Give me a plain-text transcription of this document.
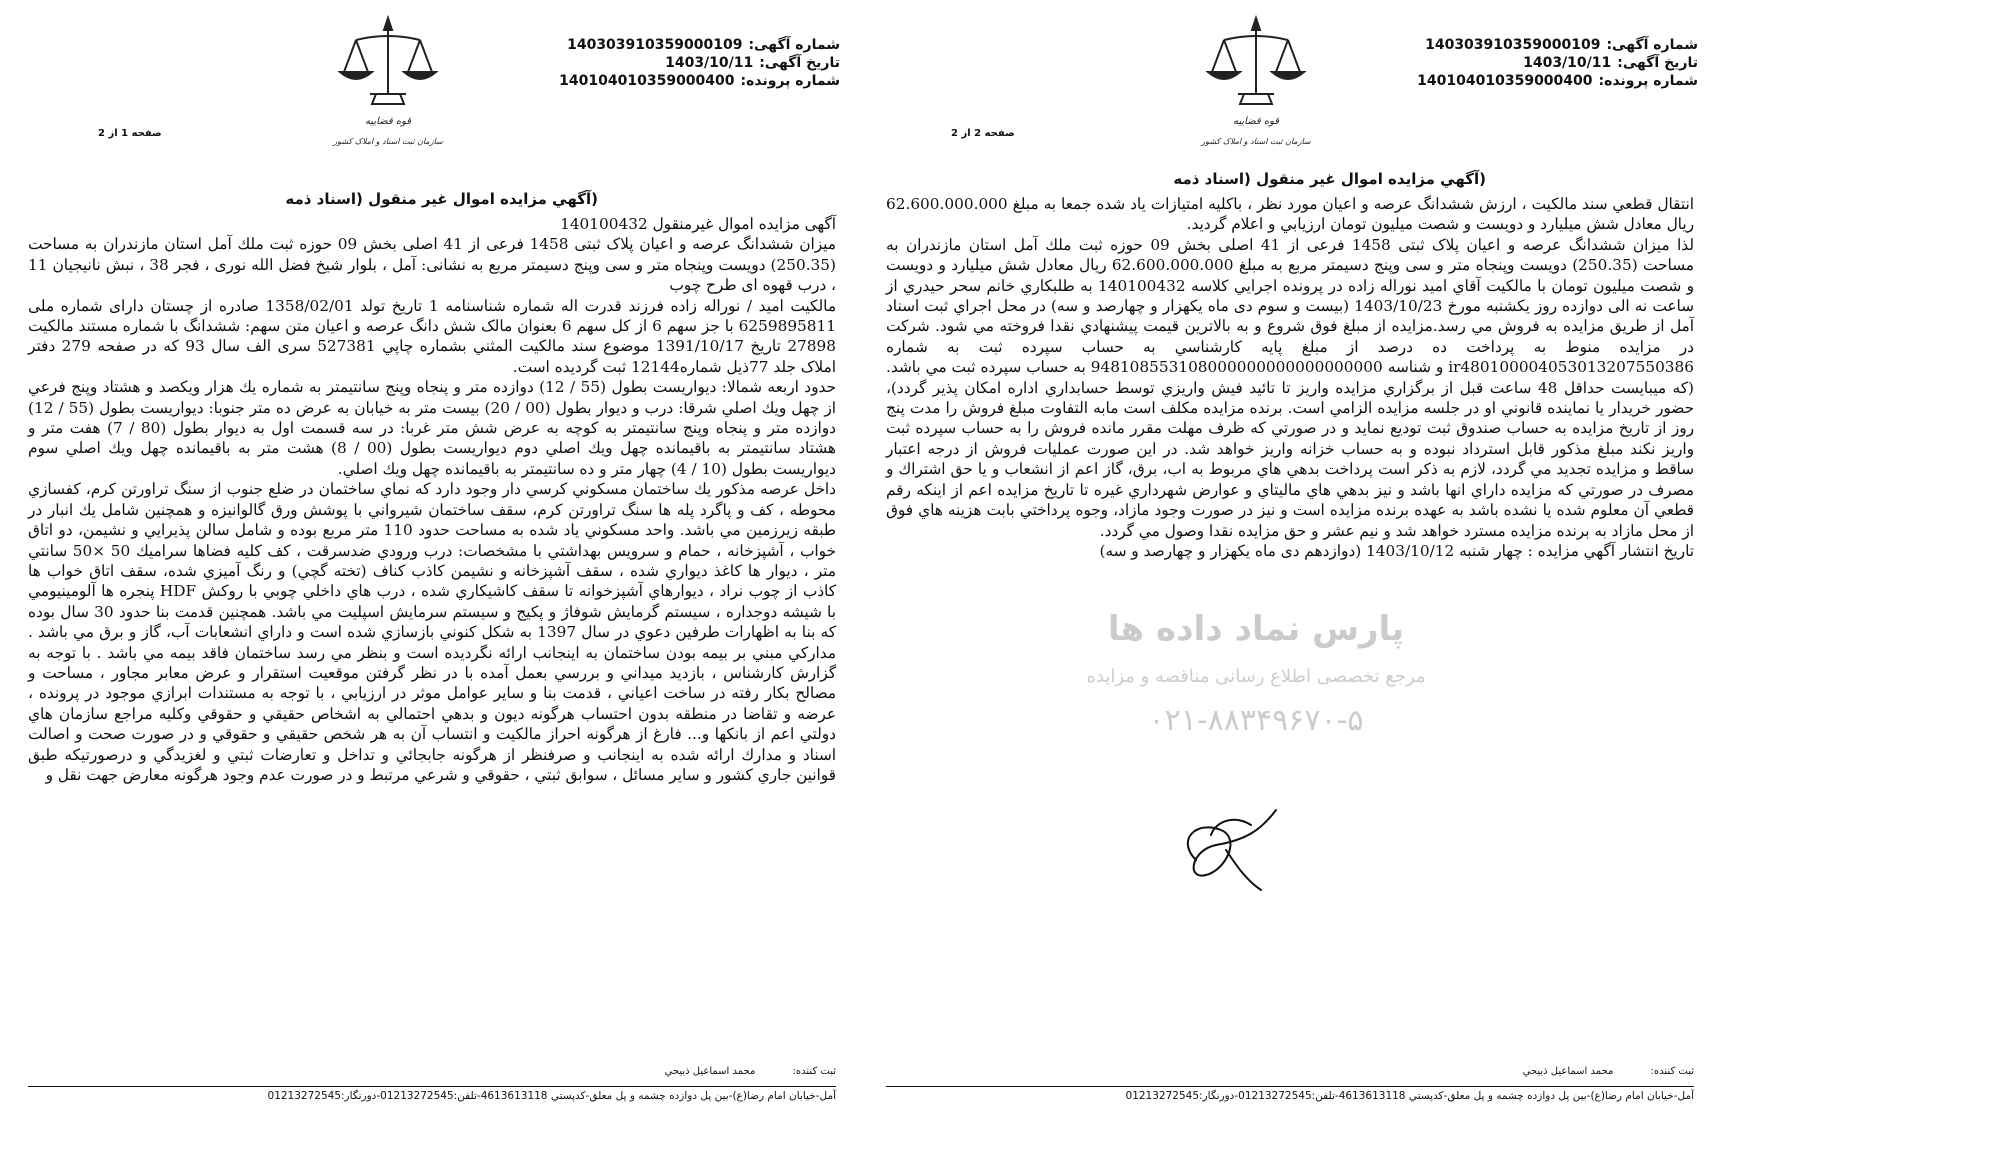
شماره آگهی:
140303910359000109
تاریخ آگهی:
1403/10/11
شماره پرونده:
140104010359000400
قوه قضاییه
سازمان ثبت اسناد و املاک کشور
صفحه 1 از 2
(آگهي مزايده اموال غير منقول (اسناد ذمه

آگهی مزایده اموال غیرمنقول 140100432

میزان ششدانگ عرصه و اعیان پلاک ثبتی 1458 فرعی از 41 اصلی بخش 09 حوزه ثبت ملك آمل استان مازندران به مساحت (250.35) دویست وپنجاه متر و سی وپنج دسیمتر مربع به نشانی: آمل ، بلوار شیخ فضل الله نوری ، فجر 38 ، نبش نانیجیان 11 ، درب قهوه ای طرح چوب

مالکیت امید / نوراله زاده فرزند قدرت اله شماره شناسنامه 1 تاریخ تولد 1358/02/01 صادره از چستان دارای شماره ملی 6259895811 با جز سهم 6 از کل سهم 6 بعنوان مالک شش دانگ عرصه و اعیان متن سهم: ششدانگ با شماره مستند مالکیت 27898 تاریخ 1391/10/17 موضوع سند مالکیت المثني بشماره چاپي 527381 سری الف سال 93 که در صفحه 279 دفتر املاک جلد 77ذيل شماره12144 ثبت گرديده است.

حدود اربعه شمالا: ديواريست بطول (55 / 12) دوازده متر و پنجاه وپنج سانتيمتر به شماره يك هزار ويكصد و هشتاد وپنج فرعي از چهل ويك اصلي شرقا: درب و ديوار بطول (00 / 20) بيست متر به خيابان به عرض ده متر جنوبا: ديواريست بطول (55 / 12) دوازده متر و پنجاه وپنج سانتيمتر به كوچه به عرض شش متر غربا: در سه قسمت اول به ديوار بطول (80 / 7) هفت متر و هشتاد سانتيمتر به باقيمانده چهل ويك اصلي دوم ديواريست بطول (00 / 8) هشت متر به باقيمانده چهل ويك اصلي سوم ديواريست بطول (10 / 4) چهار متر و ده سانتيمتر به باقيمانده چهل ويك اصلي.

داخل عرصه مذكور يك ساختمان مسكوني كرسي دار وجود دارد كه نماي ساختمان در ضلع جنوب از سنگ تراورتن كرم، كفسازي محوطه ، كف و پاگرد پله ها سنگ تراورتن كرم، سقف ساختمان شيرواني با پوشش ورق گالوانيزه و همچنين شامل يك انبار در طبقه زيرزمين مي باشد. واحد مسكوني ياد شده به مساحت حدود 110 متر مربع بوده و شامل سالن پذيرايي و نشيمن، دو اتاق خواب ، آشپزخانه ، حمام و سرويس بهداشتي با مشخصات: درب ورودي ضدسرقت ، كف كليه فضاها سراميك 50 ×50 سانتي متر ، ديوار ها كاغذ ديواري شده ، سقف آشپزخانه و نشيمن كاذب كناف (تخته گچي) و رنگ آميزي شده، سقف اتاق خواب ها كاذب از چوب نراد ، ديوارهاي آشپزخوانه تا سقف كاشيكاري شده ، درب هاي داخلي چوبي با روكش HDF پنجره ها آلومينيومي با شيشه دوجداره ، سيستم گرمايش شوفاژ و پكيج و سيستم سرمايش اسپليت مي باشد. همچنين قدمت بنا حدود 30 سال بوده كه بنا به اظهارات طرفين دعوي در سال 1397 به شكل كنوني بازسازي شده است و داراي انشعابات آب، گاز و برق مي باشد . مداركي مبني بر بيمه بودن ساختمان به اينجانب ارائه نگرديده است و بنظر مي رسد ساختمان فاقد بيمه مي باشد . با توجه به گزارش كارشناس ، بازديد ميداني و بررسي بعمل آمده با در نظر گرفتن موقعيت استقرار و عرض معابر مجاور ، مساحت و مصالح بكار رفته در ساخت اعياني ، قدمت بنا و ساير عوامل موثر در ارزيابي ، با توجه به مستندات ابرازي موجود در پرونده ، عرضه و تقاضا در منطقه بدون احتساب هرگونه ديون و بدهي احتمالي به اشخاص حقيقي و حقوقي وكليه مراجع سازمان هاي دولتي اعم از بانكها و... فارغ از هرگونه احراز مالكيت و انتساب آن به هر شخص حقيقي و حقوقي و در صورت صحت و اصالت اسناد و مدارك ارائه شده به اينجانب و صرفنظر از هرگونه جابجائي و تداخل و تعارضات ثبتي و لغزيدگي و درصورتيكه طبق قوانين جاري كشور و ساير مسائل ، سوابق ثبتي ، حقوقي و شرعي مرتبط و در صورت عدم وجود هرگونه معارض جهت نقل و

ثبت کننده: محمد اسماعيل ذبيحي
آمل-خيابان امام رضا(ع)-بين پل دوازده چشمه و پل معلق-كدپستي 4613613118-تلفن:01213272545-دورنگار:01213272545
شماره آگهی:
140303910359000109
تاریخ آگهی:
1403/10/11
شماره پرونده:
140104010359000400
قوه قضاییه
سازمان ثبت اسناد و املاک کشور
صفحه 2 از 2
(آگهي مزايده اموال غير منقول (اسناد ذمه
پارس نماد داده ها
مرجع تخصصی اطلاع رسانی مناقصه و مزایده
۰۲۱-۸۸۳۴۹۶۷۰-۵

انتقال قطعي سند مالكيت ، ارزش ششدانگ عرصه و اعيان مورد نظر ، باكليه امتيازات ياد شده جمعا به مبلغ 62.600.000.000 ريال معادل شش ميليارد و دويست و شصت ميليون تومان ارزيابي و اعلام گرديد.

لذا ميزان ششدانگ عرصه و اعيان پلاک ثبتی 1458 فرعی از 41 اصلی بخش 09 حوزه ثبت ملك آمل استان مازندران به مساحت (250.35) دويست وپنجاه متر و سی وپنج دسيمتر مربع به مبلغ 62.600.000.000 ريال معادل شش ميليارد و دويست و شصت ميليون تومان با مالكيت آقاي اميد نوراله زاده در پرونده اجرايي كلاسه 140100432 به طلبكاري خانم سحر حيدري از ساعت نه الی دوازده روز يكشنبه مورخ 1403/10/23 (بيست و سوم دی ماه يكهزار و چهارصد و سه) در محل اجراي ثبت اسناد آمل از طريق مزايده به فروش مي رسد.مزايده از مبلغ فوق شروع و به بالاترين قيمت پيشنهادي نقدا فروخته مي شود. شركت در مزايده منوط به پرداخت ده درصد از مبلغ پايه كارشناسي به حساب سپرده ثبت به شماره ir480100004053013207550386 و شناسه 948108553108000000000000000000 به حساب سپرده ثبت مي باشد. (كه ميبايست حداقل 48 ساعت قبل از برگزاري مزايده واريز تا تائيد فيش واريزي توسط حسابداري اداره امكان پذير گردد)، حضور خريدار يا نماينده قانوني او در جلسه مزايده الزامي است. برنده مزايده مكلف است مابه التفاوت مبلغ فروش را مدت پنج روز از تاريخ مزايده به حساب صندوق ثبت توديع نمايد و در صورتي كه ظرف مهلت مقرر مانده فروش را به حساب سپرده ثبت واريز نكند مبلغ مذكور قابل استرداد نبوده و به حساب خزانه واريز خواهد شد. در اين صورت عمليات فروش از درجه اعتبار ساقط و مزايده تجديد مي گردد، لازم به ذكر است پرداخت بدهي هاي مربوط به اب، برق، گاز اعم از انشعاب و يا حق اشتراك و مصرف در صورتي كه مزايده داراي انها باشد و نيز بدهي هاي ماليتاي و عوارض شهرداري غيره تا تاريخ مزايده اعم از اينكه رقم قطعي آن معلوم شده يا نشده باشد به عهده برنده مزايده است و نيز در صورت وجود مازاد، وجوه پرداختي بابت هزينه هاي فوق از محل مازاد به برنده مزايده مسترد خواهد شد و نيم عشر و حق مزايده نقدا وصول مي گردد.

تاريخ انتشار آگهي مزايده : چهار شنبه 1403/10/12 (دوازدهم دی ماه يكهزار و چهارصد و سه)

ثبت کننده: محمد اسماعيل ذبيحي
آمل-خيابان امام رضا(ع)-بين پل دوازده چشمه و پل معلق-كدپستي 4613613118-تلفن:01213272545-دورنگار:01213272545
